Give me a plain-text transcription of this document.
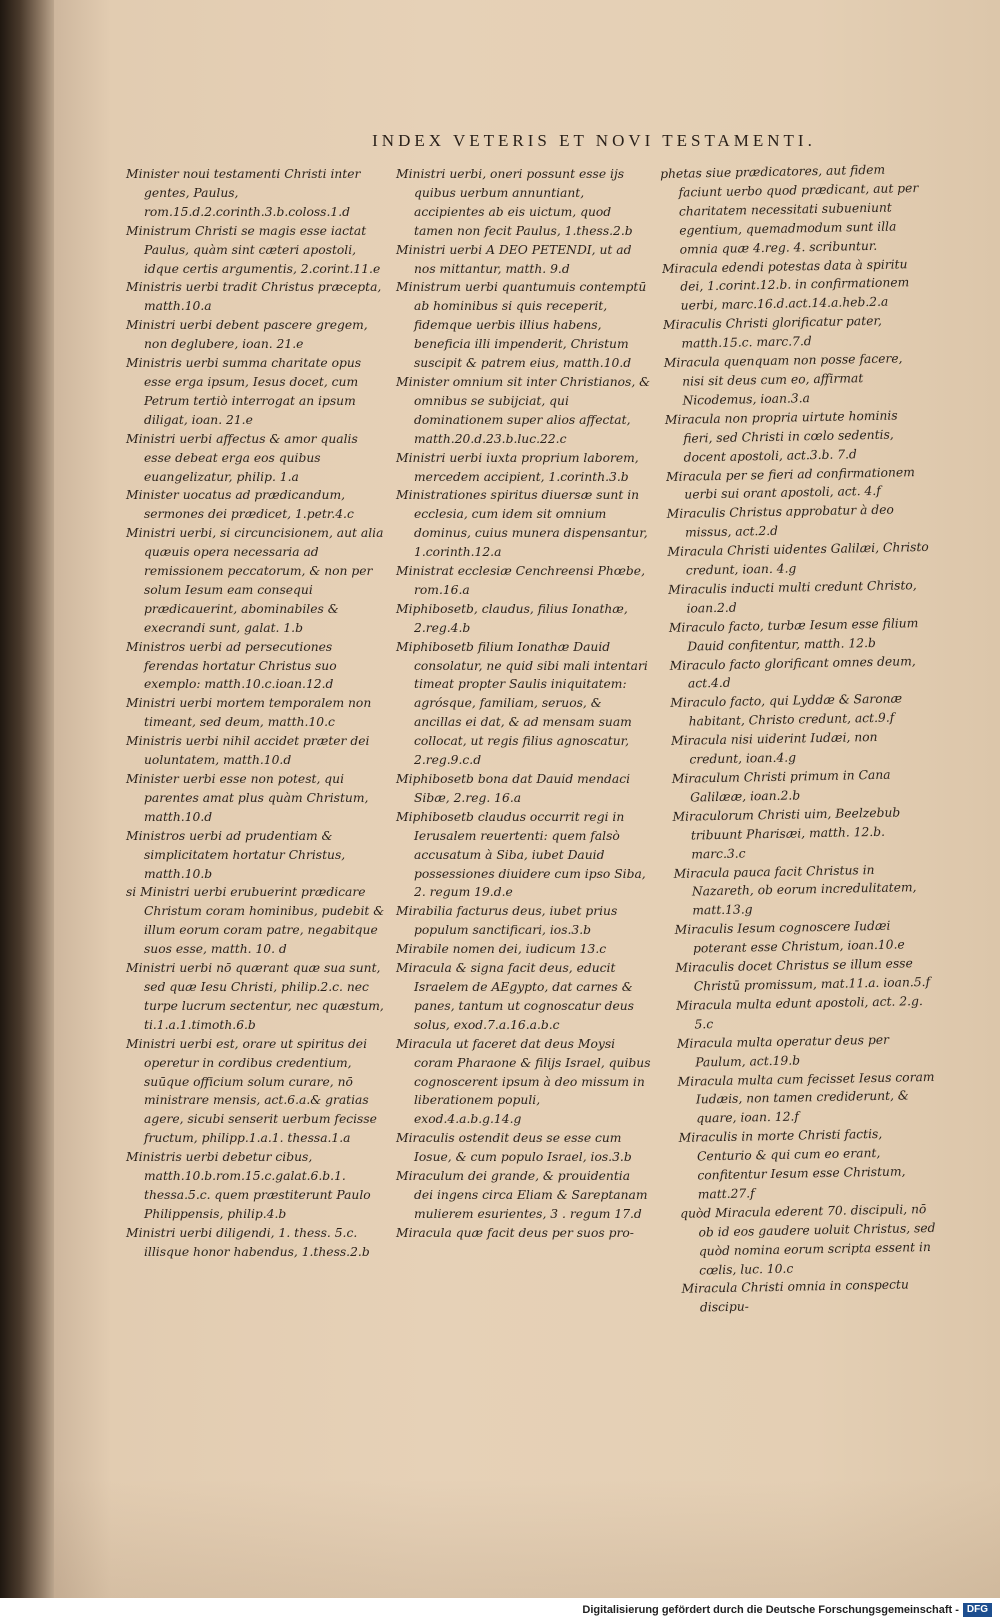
INDEX VETERIS ET NOVI TESTAMENTI.
Minister noui testamenti Christi inter gentes, Paulus, rom.15.d.2.corinth.3.b.coloss.1.d
Ministrum Christi se magis esse iactat Paulus, quàm sint cæteri apostoli, idque certis argumentis, 2.corint.11.e
Ministris uerbi tradit Christus præcepta, matth.10.a
Ministri uerbi debent pascere gregem, non deglubere, ioan. 21.e
Ministris uerbi summa charitate opus esse erga ipsum, Iesus docet, cum Petrum tertiò interrogat an ipsum diligat, ioan. 21.e
Ministri uerbi affectus & amor qualis esse debeat erga eos quibus euangelizatur, philip. 1.a
Minister uocatus ad prædicandum, sermones dei prædicet, 1.petr.4.c
Ministri uerbi, si circuncisionem, aut alia quæuis opera necessaria ad remissionem peccatorum, & non per solum Iesum eam consequi prædicauerint, abominabiles & execrandi sunt, galat. 1.b
Ministros uerbi ad persecutiones ferendas hortatur Christus suo exemplo: matth.10.c.ioan.12.d
Ministri uerbi mortem temporalem non timeant, sed deum, matth.10.c
Ministris uerbi nihil accidet præter dei uoluntatem, matth.10.d
Minister uerbi esse non potest, qui parentes amat plus quàm Christum, matth.10.d
Ministros uerbi ad prudentiam & simplicitatem hortatur Christus, matth.10.b
si Ministri uerbi erubuerint prædicare Christum coram hominibus, pudebit & illum eorum coram patre, negabitque suos esse, matth. 10. d
Ministri uerbi nō quærant quæ sua sunt, sed quæ Iesu Christi, philip.2.c. nec turpe lucrum sectentur, nec quæstum, ti.1.a.1.timoth.6.b
Ministri uerbi est, orare ut spiritus dei operetur in cordibus credentium, suūque officium solum curare, nō ministrare mensis, act.6.a.& gratias agere, sicubi senserit uerbum fecisse fructum, philipp.1.a.1. thessa.1.a
Ministris uerbi debetur cibus, matth.10.b.rom.15.c.galat.6.b.1. thessa.5.c. quem præstiterunt Paulo Philippensis, philip.4.b
Ministri uerbi diligendi, 1. thess. 5.c. illisque honor habendus, 1.thess.2.b
Ministri uerbi, oneri possunt esse ijs quibus uerbum annuntiant, accipientes ab eis uictum, quod tamen non fecit Paulus, 1.thess.2.b
Ministri uerbi A DEO PETENDI, ut ad nos mittantur, matth. 9.d
Ministrum uerbi quantumuis contemptū ab hominibus si quis receperit, fidemque uerbis illius habens, beneficia illi impenderit, Christum suscipit & patrem eius, matth.10.d
Minister omnium sit inter Christianos, & omnibus se subijciat, qui dominationem super alios affectat, matth.20.d.23.b.luc.22.c
Ministri uerbi iuxta proprium laborem, mercedem accipient, 1.corinth.3.b
Ministrationes spiritus diuersæ sunt in ecclesia, cum idem sit omnium dominus, cuius munera dispensantur, 1.corinth.12.a
Ministrat ecclesiæ Cenchreensi Phœbe, rom.16.a
Miphibosetb, claudus, filius Ionathæ, 2.reg.4.b
Miphibosetb filium Ionathæ Dauid consolatur, ne quid sibi mali intentari timeat propter Saulis iniquitatem: agrósque, familiam, seruos, & ancillas ei dat, & ad mensam suam collocat, ut regis filius agnoscatur, 2.reg.9.c.d
Miphibosetb bona dat Dauid mendaci Sibæ, 2.reg. 16.a
Miphibosetb claudus occurrit regi in Ierusalem reuertenti: quem falsò accusatum à Siba, iubet Dauid possessiones diuidere cum ipso Siba, 2. regum 19.d.e
Mirabilia facturus deus, iubet prius populum sanctificari, ios.3.b
Mirabile nomen dei, iudicum 13.c
Miracula & signa facit deus, educit Israelem de AEgypto, dat carnes & panes, tantum ut cognoscatur deus solus, exod.7.a.16.a.b.c
Miracula ut faceret dat deus Moysi coram Pharaone & filijs Israel, quibus cognoscerent ipsum à deo missum in liberationem populi, exod.4.a.b.g.14.g
Miraculis ostendit deus se esse cum Iosue, & cum populo Israel, ios.3.b
Miraculum dei grande, & prouidentia dei ingens circa Eliam & Sareptanam mulierem esurientes, 3 . regum 17.d
Miracula quæ facit deus per suos pro-
phetas siue prædicatores, aut fidem faciunt uerbo quod prædicant, aut per charitatem necessitati subueniunt egentium, quemadmodum sunt illa omnia quæ 4.reg. 4. scribuntur.
Miracula edendi potestas data à spiritu dei, 1.corint.12.b. in confirmationem uerbi, marc.16.d.act.14.a.heb.2.a
Miraculis Christi glorificatur pater, matth.15.c. marc.7.d
Miracula quenquam non posse facere, nisi sit deus cum eo, affirmat Nicodemus, ioan.3.a
Miracula non propria uirtute hominis fieri, sed Christi in cœlo sedentis, docent apostoli, act.3.b. 7.d
Miracula per se fieri ad confirmationem uerbi sui orant apostoli, act. 4.f
Miraculis Christus approbatur à deo missus, act.2.d
Miracula Christi uidentes Galilæi, Christo credunt, ioan. 4.g
Miraculis inducti multi credunt Christo, ioan.2.d
Miraculo facto, turbæ Iesum esse filium Dauid confitentur, matth. 12.b
Miraculo facto glorificant omnes deum, act.4.d
Miraculo facto, qui Lyddæ & Saronæ habitant, Christo credunt, act.9.f
Miracula nisi uiderint Iudæi, non credunt, ioan.4.g
Miraculum Christi primum in Cana Galilææ, ioan.2.b
Miraculorum Christi uim, Beelzebub tribuunt Pharisæi, matth. 12.b. marc.3.c
Miracula pauca facit Christus in Nazareth, ob eorum incredulitatem, matt.13.g
Miraculis Iesum cognoscere Iudæi poterant esse Christum, ioan.10.e
Miraculis docet Christus se illum esse Christū promissum, mat.11.a. ioan.5.f
Miracula multa edunt apostoli, act. 2.g. 5.c
Miracula multa operatur deus per Paulum, act.19.b
Miracula multa cum fecisset Iesus coram Iudæis, non tamen crediderunt, & quare, ioan. 12.f
Miraculis in morte Christi factis, Centurio & qui cum eo erant, confitentur Iesum esse Christum, matt.27.f
quòd Miracula ederent 70. discipuli, nō ob id eos gaudere uoluit Christus, sed quòd nomina eorum scripta essent in cœlis, luc. 10.c
Miracula Christi omnia in conspectu discipu-
Digitalisierung gefördert durch die Deutsche Forschungsgemeinschaft - DFG
